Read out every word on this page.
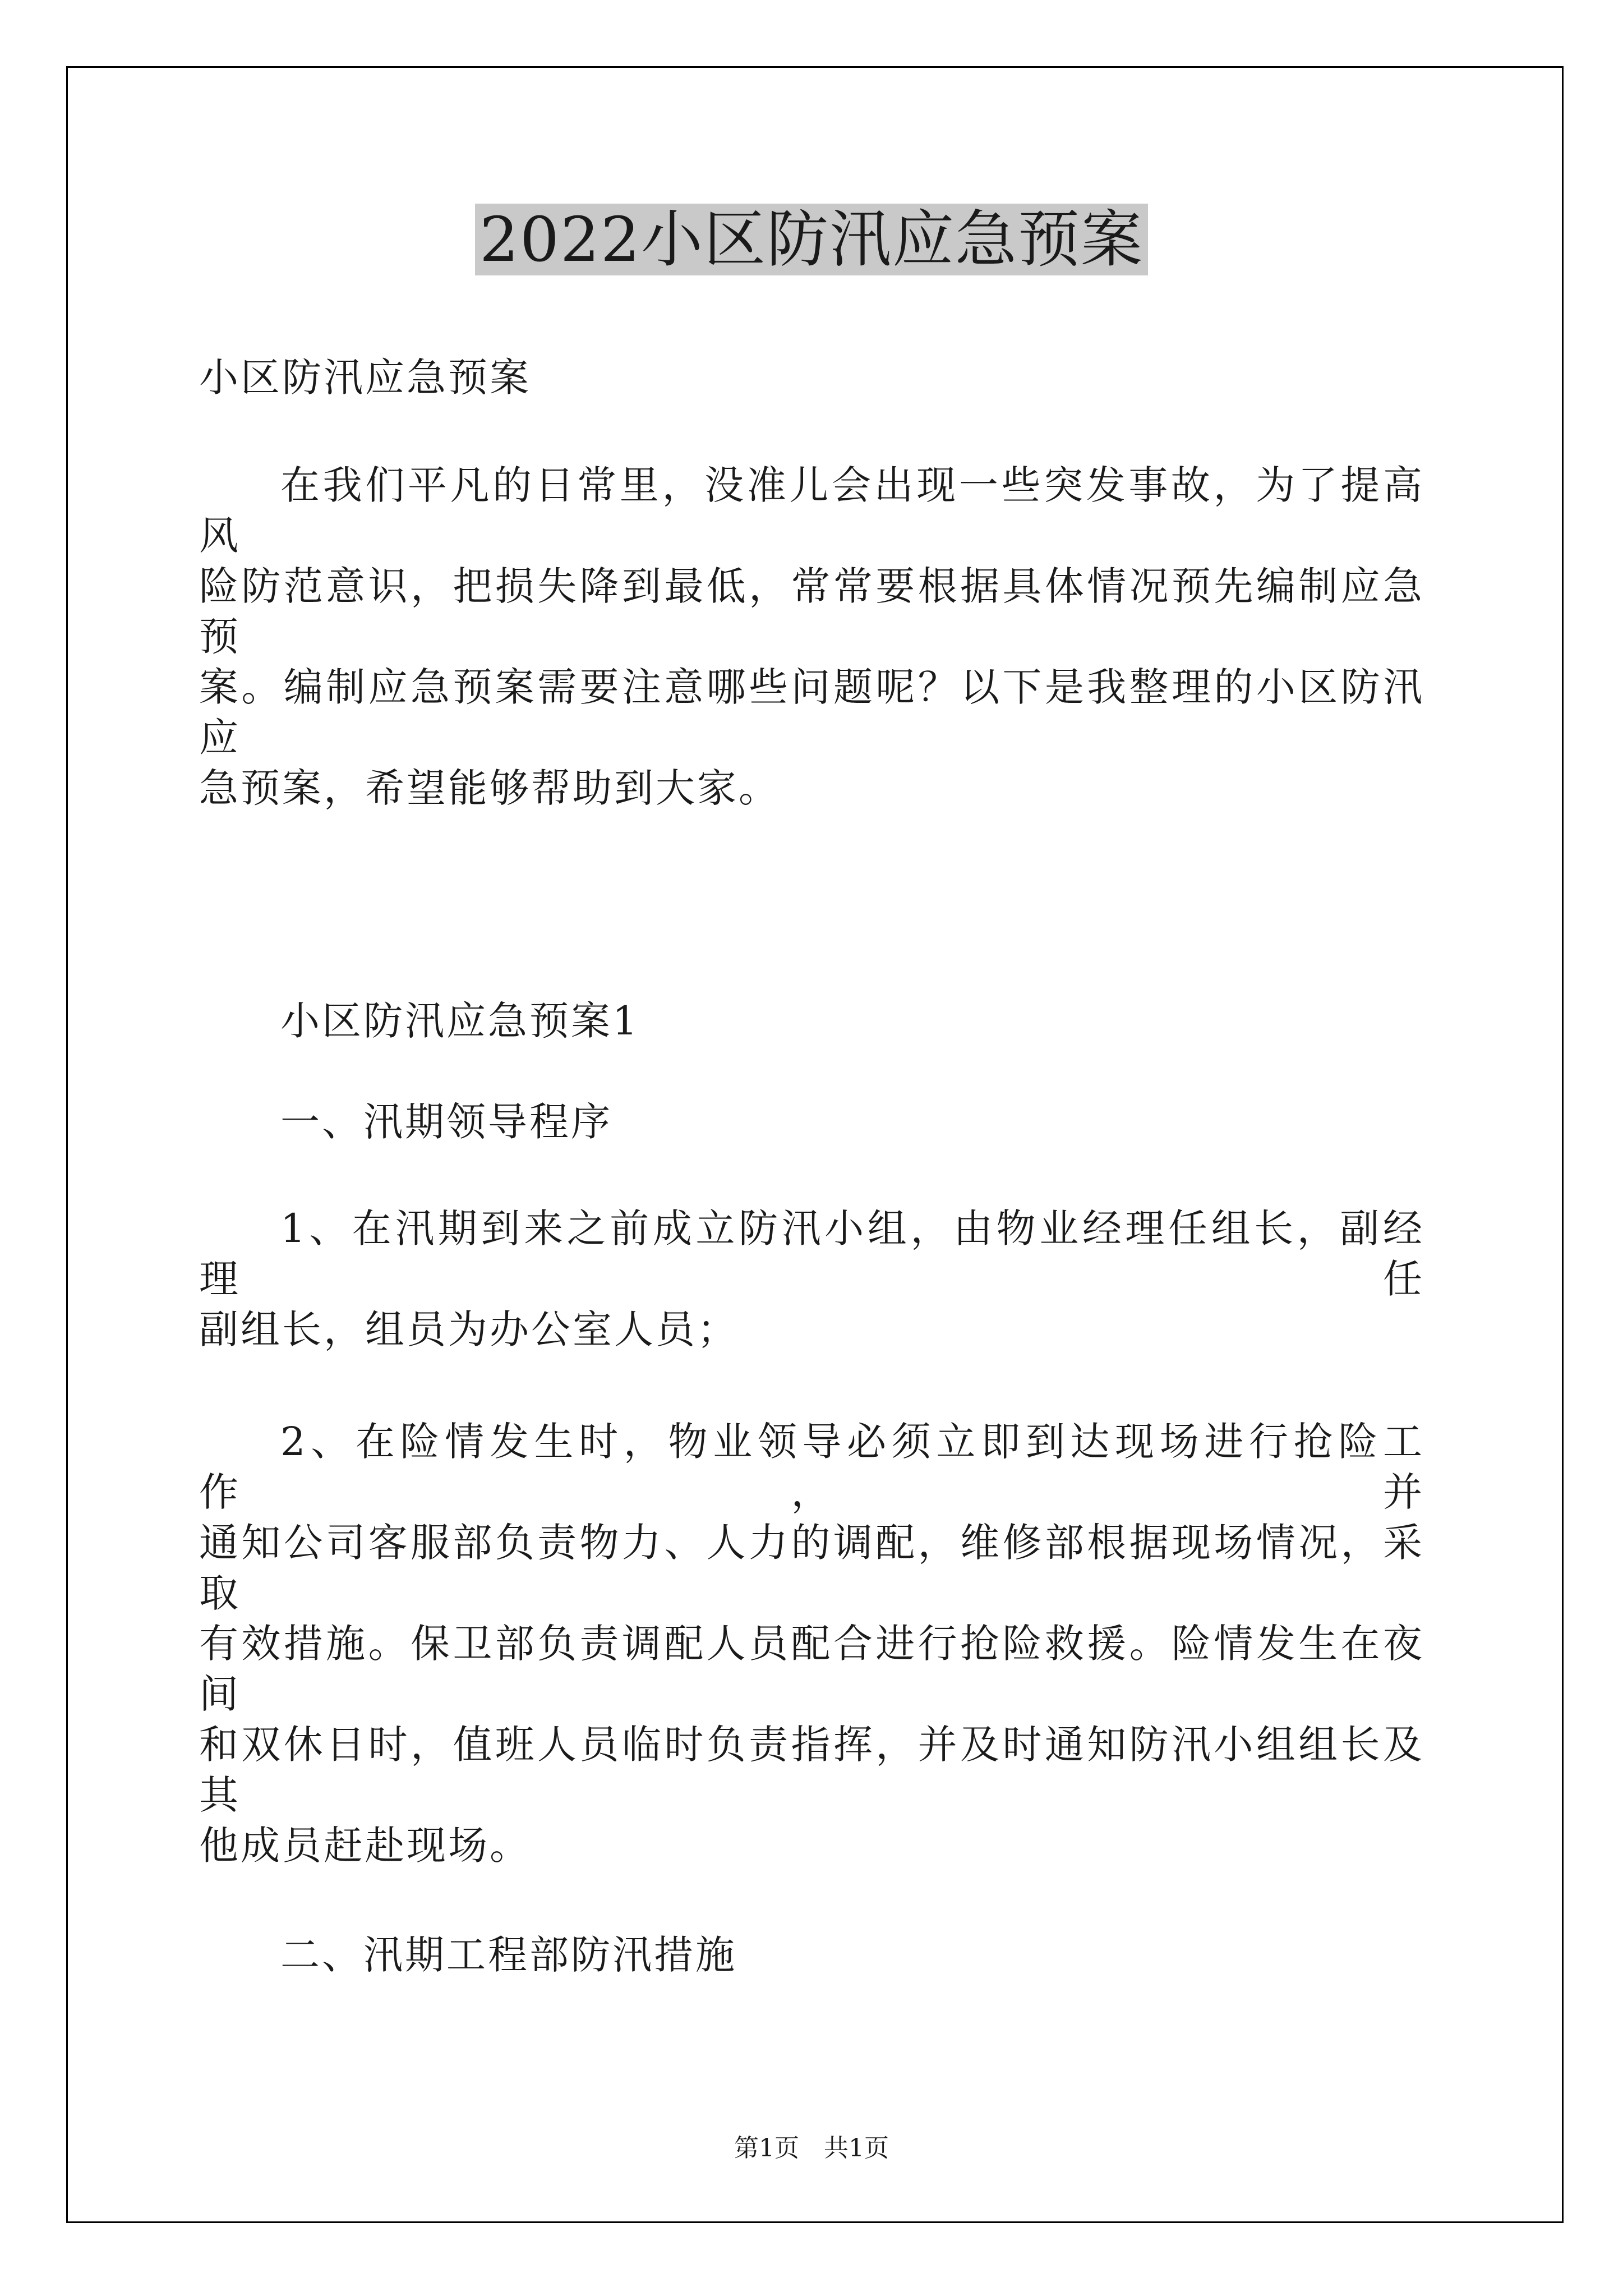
2022小区防汛应急预案
小区防汛应急预案
在我们平凡的日常里，没准儿会出现一些突发事故，为了提高风
险防范意识，把损失降到最低，常常要根据具体情况预先编制应急预
案。编制应急预案需要注意哪些问题呢？以下是我整理的小区防汛应
急预案，希望能够帮助到大家。
小区防汛应急预案1
一、汛期领导程序
1、在汛期到来之前成立防汛小组，由物业经理任组长，副经理任
副组长，组员为办公室人员；
2、在险情发生时，物业领导必须立即到达现场进行抢险工作，并
通知公司客服部负责物力、人力的调配，维修部根据现场情况，采取
有效措施。保卫部负责调配人员配合进行抢险救援。险情发生在夜间
和双休日时，值班人员临时负责指挥，并及时通知防汛小组组长及其
他成员赶赴现场。
二、汛期工程部防汛措施
第1页　共1页
